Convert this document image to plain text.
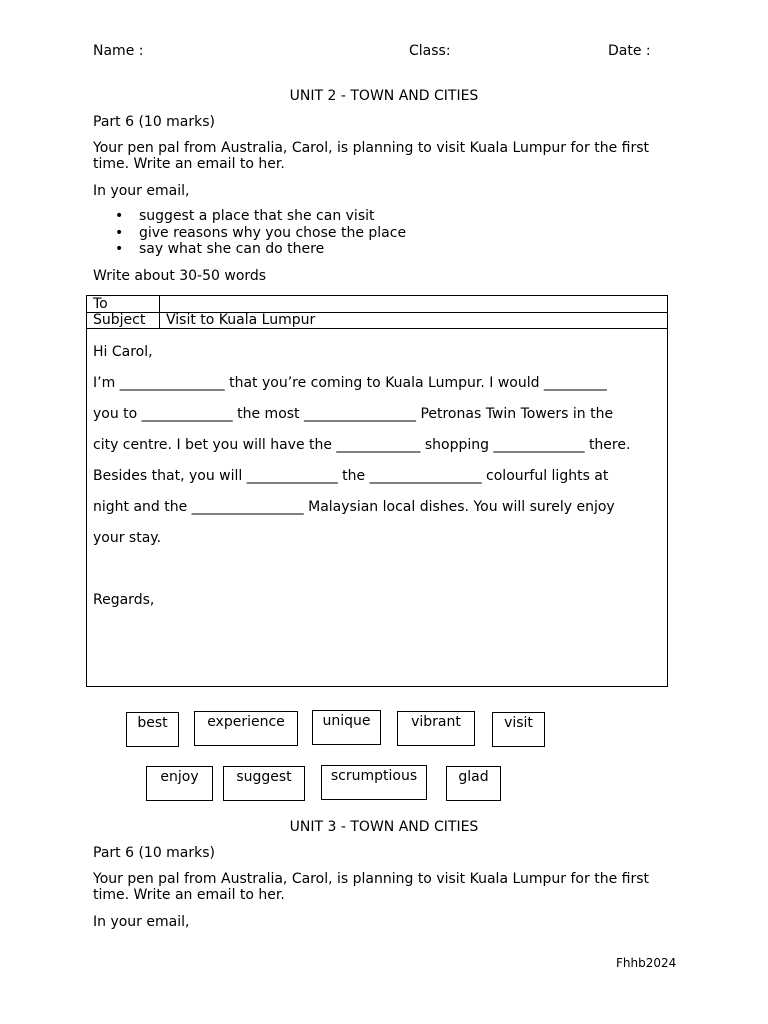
Name :	Class:	Date :
UNIT 2 - TOWN AND CITIES
Part 6 (10 marks)
Your pen pal from Australia, Carol, is planning to visit Kuala Lumpur for the first
time. Write an email to her.
In your email,
• suggest a place that she can visit
• give reasons why you chose the place
• say what she can do there
Write about 30-50 words
To
Subject Visit to Kuala Lumpur

Hi Carol,

I’m _______________ that you’re coming to Kuala Lumpur. I would _________

you to _____________ the most ________________ Petronas Twin Towers in the

city centre. I bet you will have the ____________ shopping _____________ there.

Besides that, you will _____________ the ________________ colourful lights at

night and the ________________ Malaysian local dishes. You will surely enjoy

your stay.

Regards,

best	experience	unique	vibrant	visit
enjoy	suggest	scrumptious	glad
UNIT 3 - TOWN AND CITIES
Part 6 (10 marks)
Your pen pal from Australia, Carol, is planning to visit Kuala Lumpur for the first
time. Write an email to her.
In your email,
Fhhb2024
